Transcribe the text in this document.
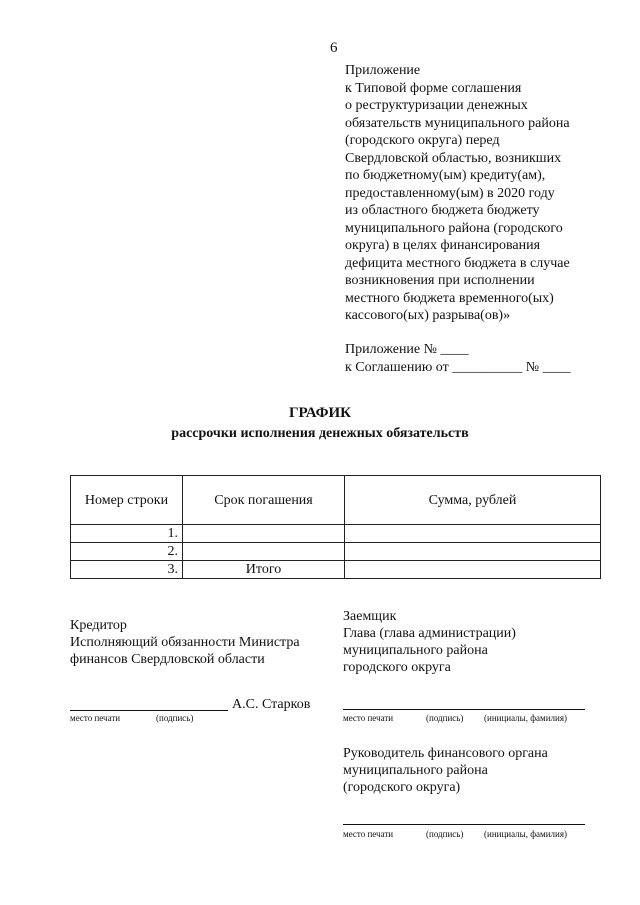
6
Приложение
к Типовой форме соглашения
о реструктуризации денежных
обязательств муниципального района
(городского округа) перед
Свердловской областью, возникших
по бюджетному(ым) кредиту(ам),
предоставленному(ым) в 2020 году
из областного бюджета бюджету
муниципального района (городского
округа) в целях финансирования
дефицита местного бюджета в случае
возникновения при исполнении
местного бюджета временного(ых)
кассового(ых) разрыва(ов)»
Приложение № ____
к Соглашению от __________ № ____
ГРАФИК
рассрочки исполнения денежных обязательств
Номер строки	Срок погашения	Сумма, рублей
1.		
2.		
3.	Итого	
Кредитор
Исполняющий обязанности Министра
финансов Свердловской области
А.С. Старков
место печати	(подпись)
Заемщик
Глава (глава администрации)
муниципального района
городского округа
место печати	(подпись) (инициалы, фамилия)
Руководитель финансового органа
муниципального района
(городского округа)
место печати	(подпись) (инициалы, фамилия)
